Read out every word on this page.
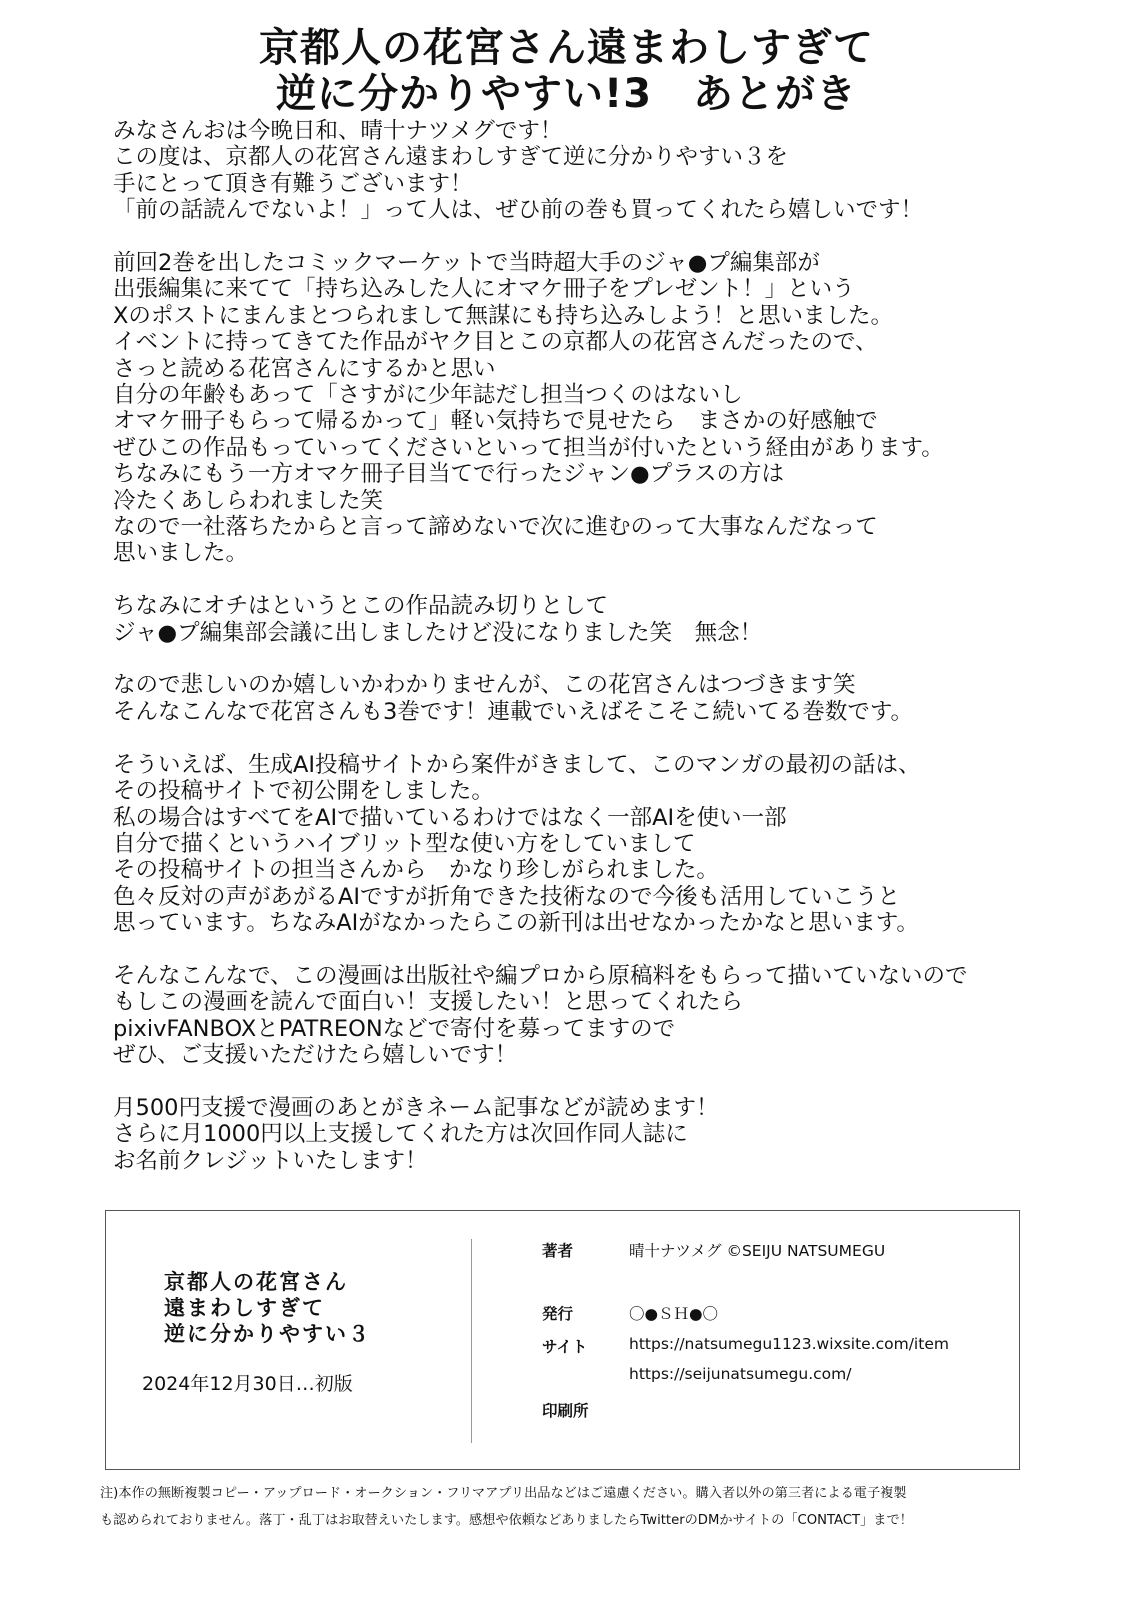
京都人の花宮さん遠まわしすぎて
逆に分かりやすい!3　あとがき

みなさんおは今晩日和、晴十ナツメグです！

この度は、京都人の花宮さん遠まわしすぎて逆に分かりやすい３を

手にとって頂き有難うございます！

「前の話読んでないよ！」って人は、ぜひ前の巻も買ってくれたら嬉しいです！

前回2巻を出したコミックマーケットで当時超大手のジャ●プ編集部が

出張編集に来てて「持ち込みした人にオマケ冊子をプレゼント！」という

Xのポストにまんまとつられまして無謀にも持ち込みしよう！と思いました。

イベントに持ってきてた作品がヤク目とこの京都人の花宮さんだったので、

さっと読める花宮さんにするかと思い

自分の年齢もあって「さすがに少年誌だし担当つくのはないし

オマケ冊子もらって帰るかって」軽い気持ちで見せたら　まさかの好感触で

ぜひこの作品もっていってくださいといって担当が付いたという経由があります。

ちなみにもう一方オマケ冊子目当てで行ったジャン●プラスの方は

冷たくあしらわれました笑

なので一社落ちたからと言って諦めないで次に進むのって大事なんだなって

思いました。

ちなみにオチはというとこの作品読み切りとして

ジャ●プ編集部会議に出しましたけど没になりました笑　無念！

なので悲しいのか嬉しいかわかりませんが、この花宮さんはつづきます笑

そんなこんなで花宮さんも3巻です！連載でいえばそこそこ続いてる巻数です。

そういえば、生成AI投稿サイトから案件がきまして、このマンガの最初の話は、

その投稿サイトで初公開をしました。

私の場合はすべてをAIで描いているわけではなく一部AIを使い一部

自分で描くというハイブリット型な使い方をしていまして

その投稿サイトの担当さんから　かなり珍しがられました。

色々反対の声があがるAIですが折角できた技術なので今後も活用していこうと

思っています。ちなみAIがなかったらこの新刊は出せなかったかなと思います。

そんなこんなで、この漫画は出版社や編プロから原稿料をもらって描いていないので

もしこの漫画を読んで面白い！支援したい！と思ってくれたら

pixivFANBOXとPATREONなどで寄付を募ってますので

ぜひ、ご支援いただけたら嬉しいです！

月500円支援で漫画のあとがきネーム記事などが読めます！

さらに月1000円以上支援してくれた方は次回作同人誌に

お名前クレジットいたします！

京都人の花宮さん
遠まわしすぎて
逆に分かりやすい３
2024年12月30日…初版
著者	晴十ナツメグ ©SEIJU NATSUMEGU
発行	〇●ＳＨ●〇
サイト	https://natsumegu1123.wixsite.com/item
https://seijunatsumegu.com/
印刷所
注)本作の無断複製コピー・アップロード・オークション・フリマアプリ出品などはご遠慮ください。購入者以外の第三者による電子複製
も認められておりません。落丁・乱丁はお取替えいたします。感想や依頼などありましたらTwitterのDMかサイトの「CONTACT」まで！
